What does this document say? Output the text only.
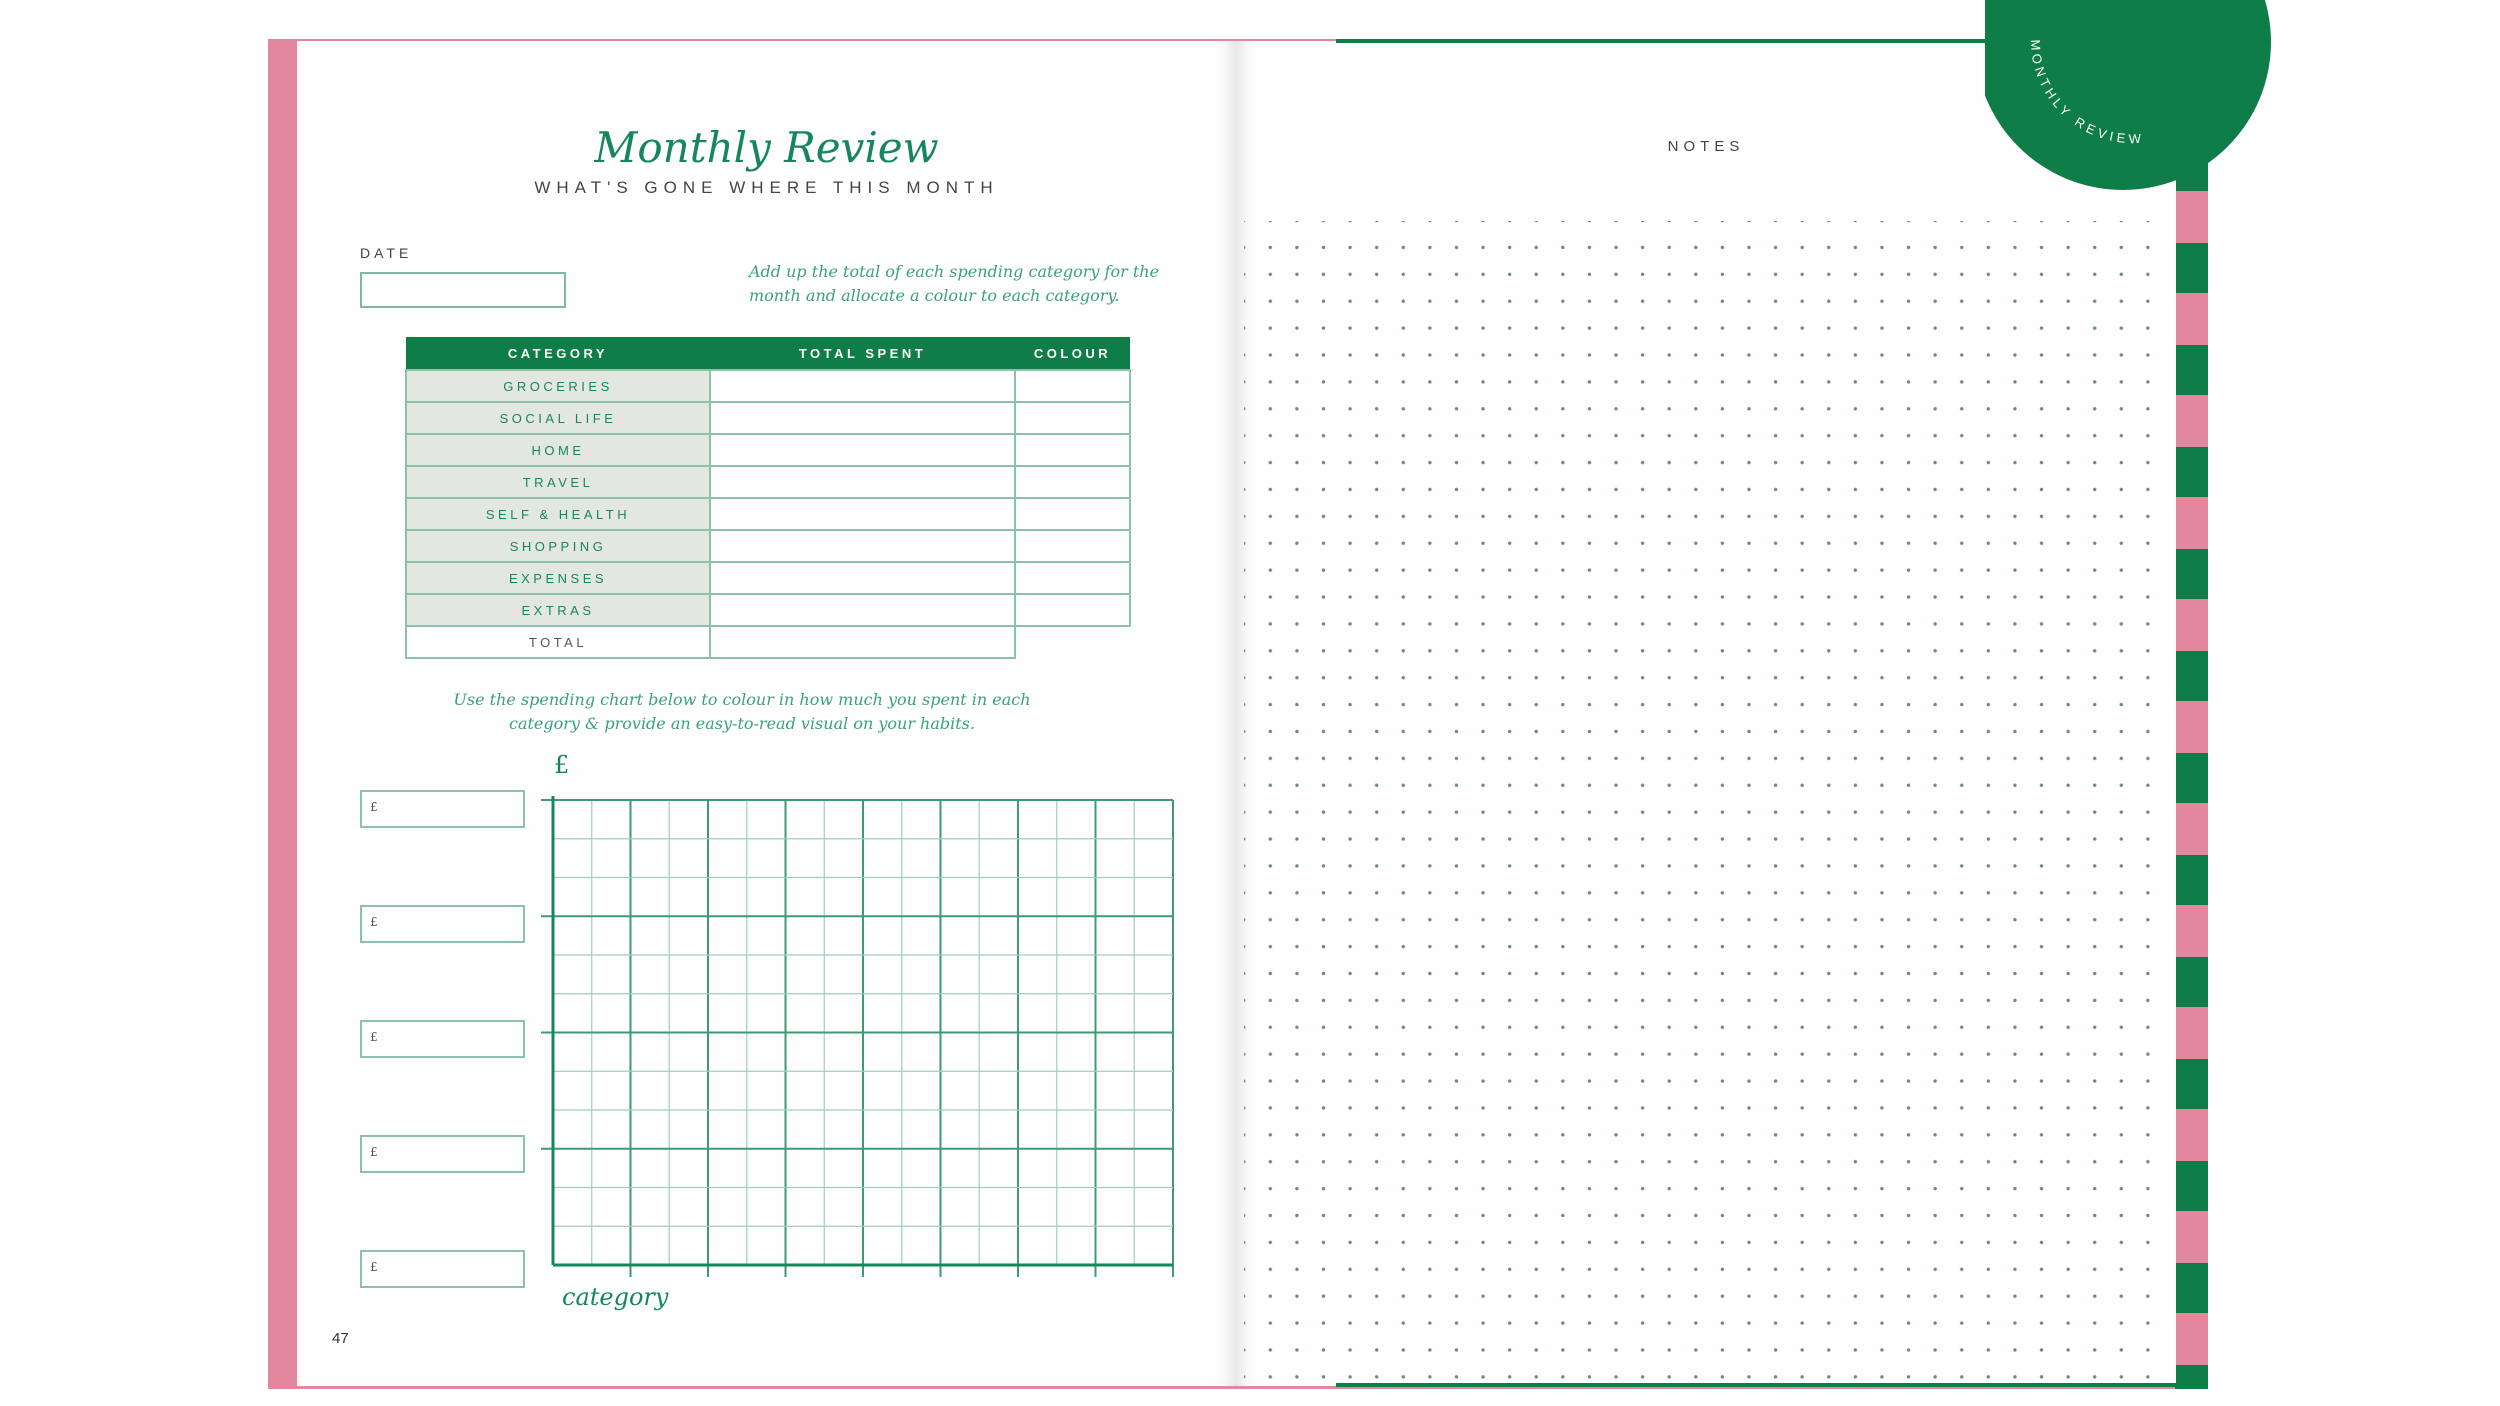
Monthly Review
WHAT'S GONE WHERE THIS MONTH
DATE
Add up the total of each spending category for the month and allocate a colour to each category.
CATEGORY	TOTAL SPENT	COLOUR
GROCERIES		
SOCIAL LIFE		
HOME		
TRAVEL		
SELF & HEALTH		
SHOPPING		
EXPENSES		
EXTRAS		
TOTAL		
Use the spending chart below to colour in how much you spent in each category & provide an easy-to-read visual on your habits.
£
£
£
£
£
£
category
47
NOTES
MONTHLY REVIEW
